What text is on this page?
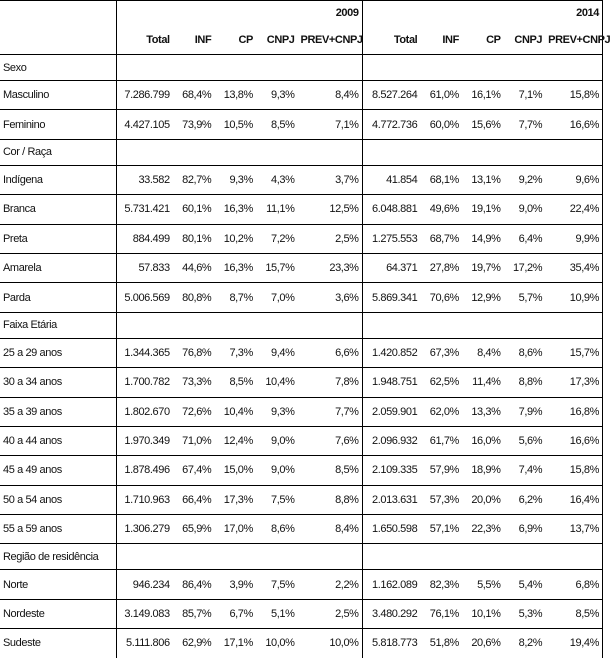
	2009					2014				
	Total	INF	CP	CNPJ	PREV+CNPJ	Total	INF	CP	CNPJ	PREV+CNPJ
Sexo										
Masculino	7.286.799	68,4%	13,8%	9,3%	8,4%	8.527.264	61,0%	16,1%	7,1%	15,8%
Feminino	4.427.105	73,9%	10,5%	8,5%	7,1%	4.772.736	60,0%	15,6%	7,7%	16,6%
Cor / Raça										
Indígena	33.582	82,7%	9,3%	4,3%	3,7%	41.854	68,1%	13,1%	9,2%	9,6%
Branca	5.731.421	60,1%	16,3%	11,1%	12,5%	6.048.881	49,6%	19,1%	9,0%	22,4%
Preta	884.499	80,1%	10,2%	7,2%	2,5%	1.275.553	68,7%	14,9%	6,4%	9,9%
Amarela	57.833	44,6%	16,3%	15,7%	23,3%	64.371	27,8%	19,7%	17,2%	35,4%
Parda	5.006.569	80,8%	8,7%	7,0%	3,6%	5.869.341	70,6%	12,9%	5,7%	10,9%
Faixa Etária										
25 a 29 anos	1.344.365	76,8%	7,3%	9,4%	6,6%	1.420.852	67,3%	8,4%	8,6%	15,7%
30 a 34 anos	1.700.782	73,3%	8,5%	10,4%	7,8%	1.948.751	62,5%	11,4%	8,8%	17,3%
35 a 39 anos	1.802.670	72,6%	10,4%	9,3%	7,7%	2.059.901	62,0%	13,3%	7,9%	16,8%
40 a 44 anos	1.970.349	71,0%	12,4%	9,0%	7,6%	2.096.932	61,7%	16,0%	5,6%	16,6%
45 a 49 anos	1.878.496	67,4%	15,0%	9,0%	8,5%	2.109.335	57,9%	18,9%	7,4%	15,8%
50 a 54 anos	1.710.963	66,4%	17,3%	7,5%	8,8%	2.013.631	57,3%	20,0%	6,2%	16,4%
55 a 59 anos	1.306.279	65,9%	17,0%	8,6%	8,4%	1.650.598	57,1%	22,3%	6,9%	13,7%
Região de residência										
Norte	946.234	86,4%	3,9%	7,5%	2,2%	1.162.089	82,3%	5,5%	5,4%	6,8%
Nordeste	3.149.083	85,7%	6,7%	5,1%	2,5%	3.480.292	76,1%	10,1%	5,3%	8,5%
Sudeste	5.111.806	62,9%	17,1%	10,0%	10,0%	5.818.773	51,8%	20,6%	8,2%	19,4%
